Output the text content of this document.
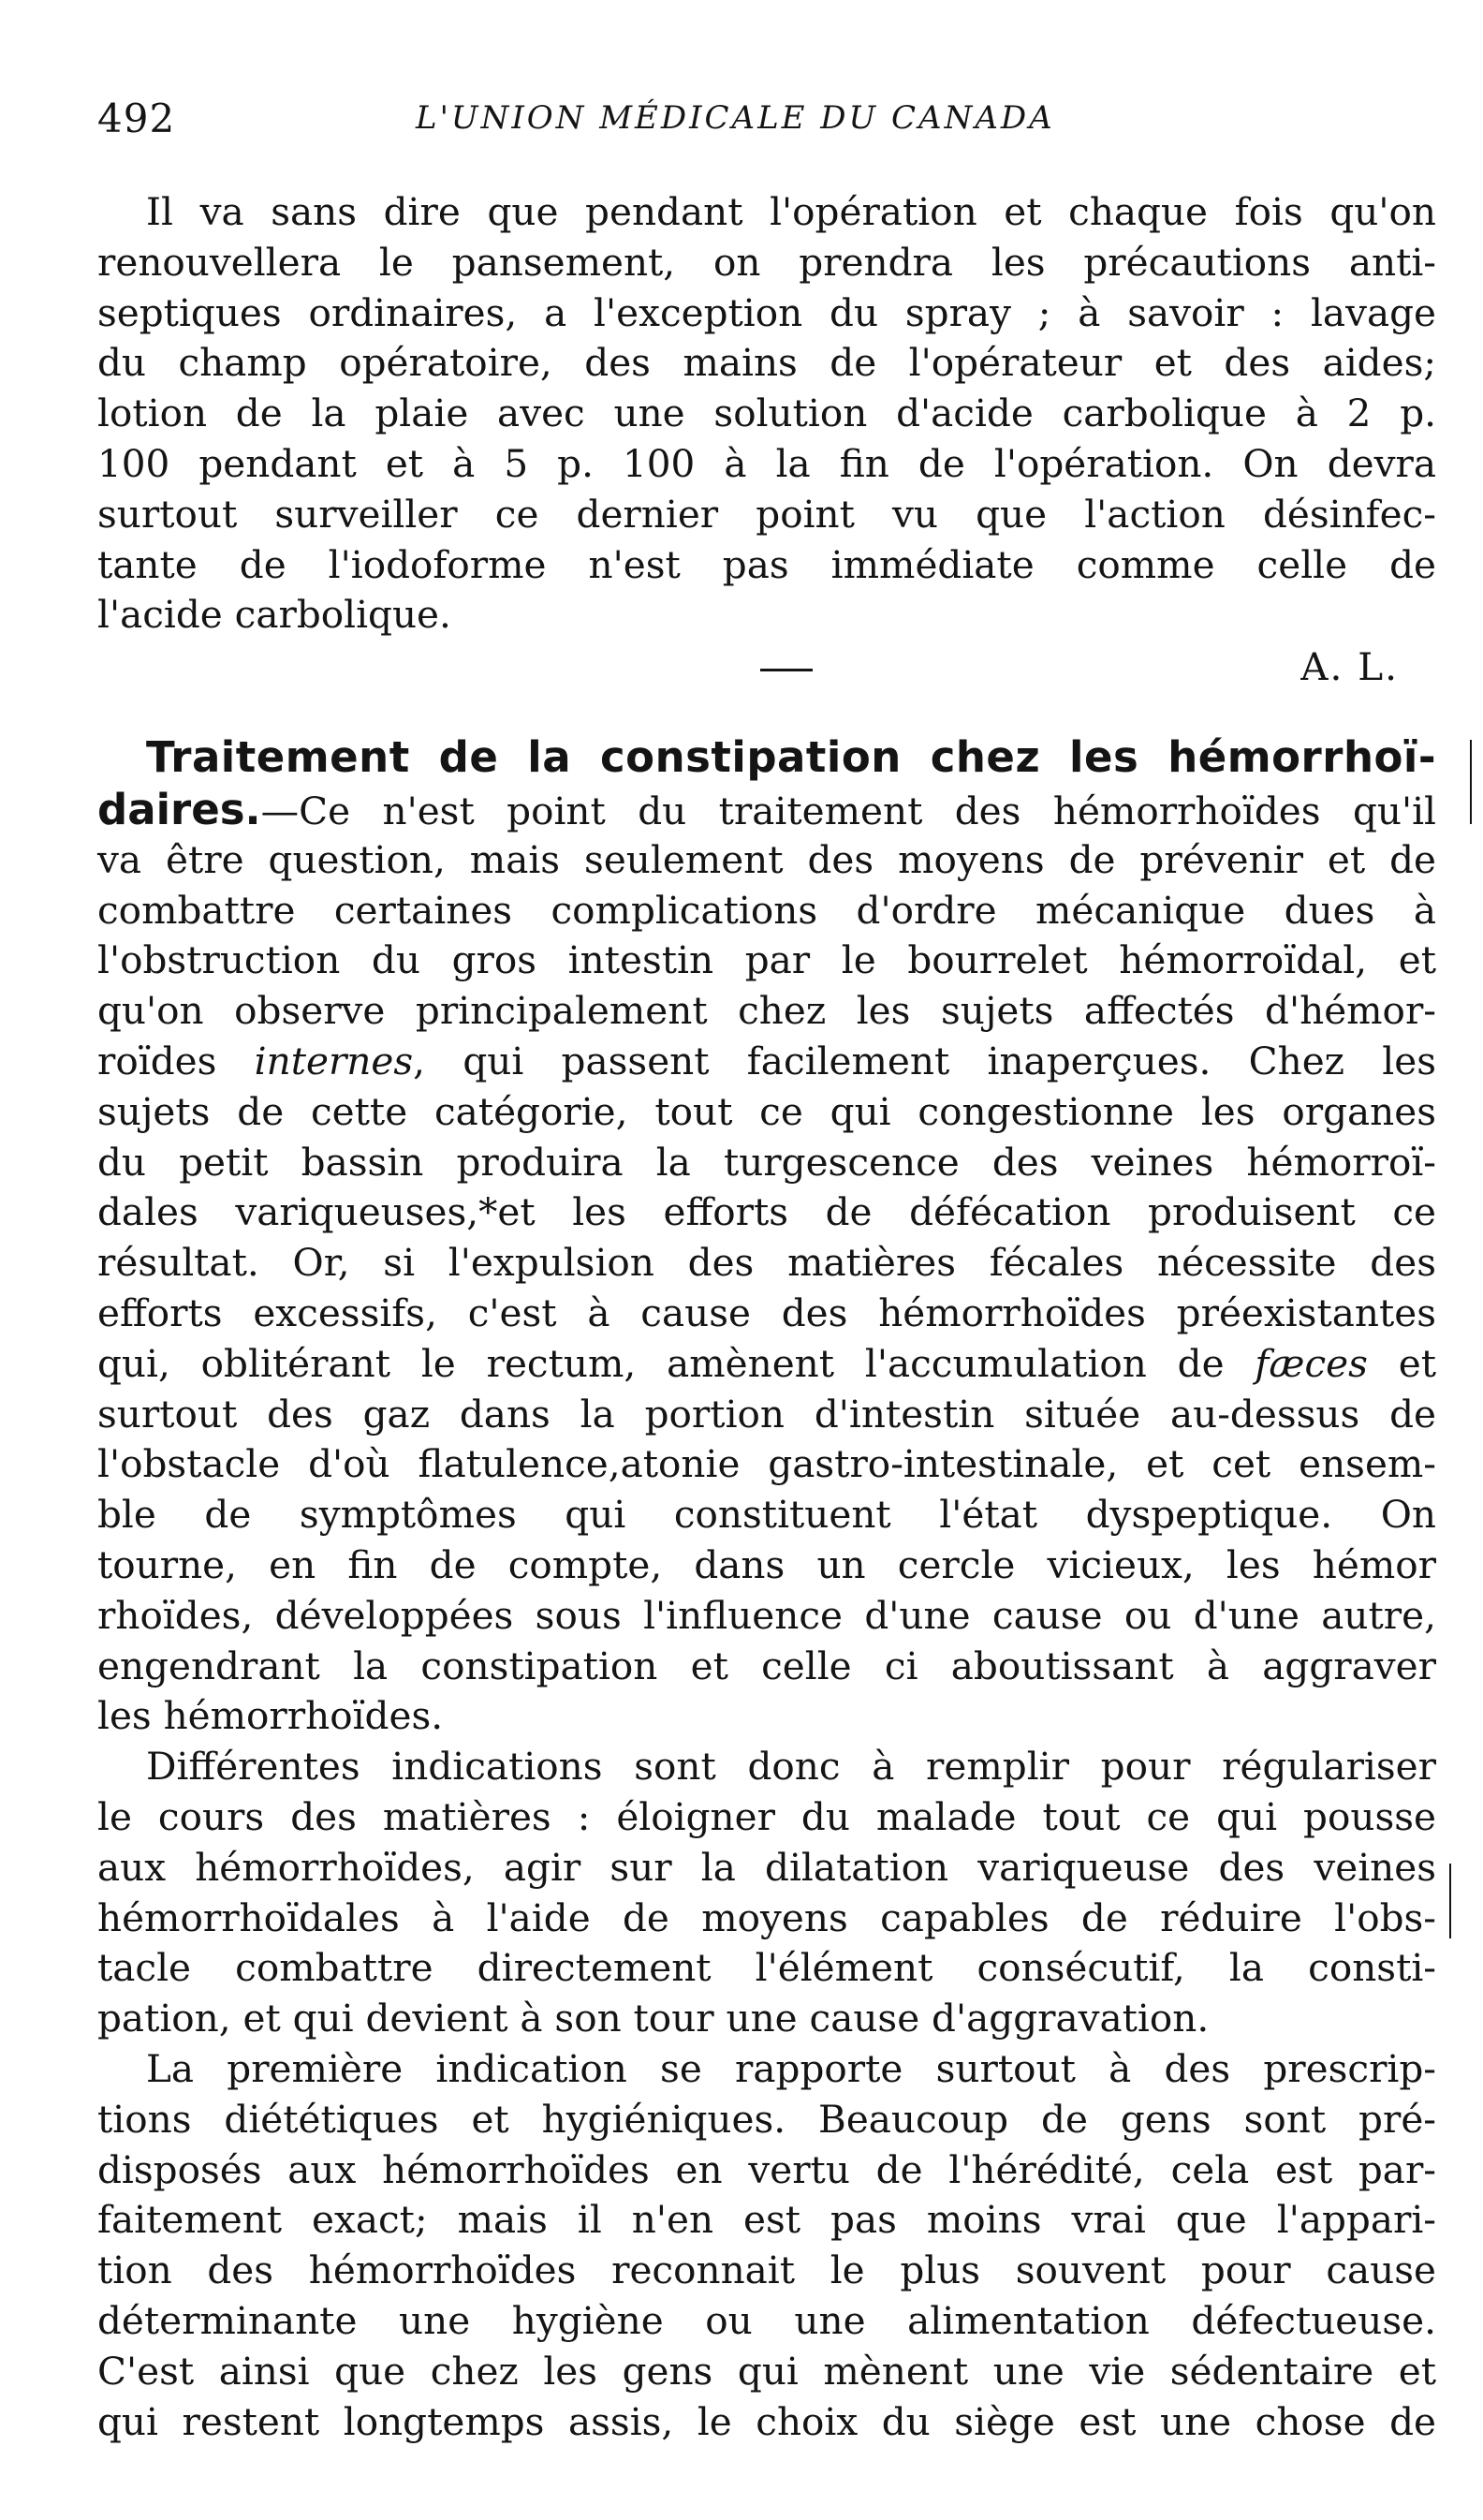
492	L'UNION MÉDICALE DU CANADA
Il va sans dire que pendant l'opération et chaque fois qu'on
renouvellera le pansement, on prendra les précautions anti-
septiques ordinaires, a l'exception du spray ; à savoir : lavage
du champ opératoire, des mains de l'opérateur et des aides;
lotion de la plaie avec une solution d'acide carbolique à 2 p.
100 pendant et à 5 p. 100 à la fin de l'opération. On devra
surtout surveiller ce dernier point vu que l'action désinfec-
tante de l'iodoforme n'est pas immédiate comme celle de
l'acide carbolique.
A. L.
Traitement de la constipation chez les hémorrhoï-
daires.—Ce n'est point du traitement des hémorrhoïdes qu'il
va être question, mais seulement des moyens de prévenir et de
combattre certaines complications d'ordre mécanique dues à
l'obstruction du gros intestin par le bourrelet hémorroïdal, et
qu'on observe principalement chez les sujets affectés d'hémor-
roïdes internes, qui passent facilement inaperçues. Chez les
sujets de cette catégorie, tout ce qui congestionne les organes
du petit bassin produira la turgescence des veines hémorroï-
dales variqueuses,*et les efforts de défécation produisent ce
résultat. Or, si l'expulsion des matières fécales nécessite des
efforts excessifs, c'est à cause des hémorrhoïdes préexistantes
qui, oblitérant le rectum, amènent l'accumulation de fæces et
surtout des gaz dans la portion d'intestin située au-dessus de
l'obstacle d'où flatulence,atonie gastro-intestinale, et cet ensem-
ble de symptômes qui constituent l'état dyspeptique. On
tourne, en fin de compte, dans un cercle vicieux, les hémor
rhoïdes, développées sous l'influence d'une cause ou d'une autre,
engendrant la constipation et celle ci aboutissant à aggraver
les hémorrhoïdes.
Différentes indications sont donc à remplir pour régulariser
le cours des matières : éloigner du malade tout ce qui pousse
aux hémorrhoïdes, agir sur la dilatation variqueuse des veines
hémorrhoïdales à l'aide de moyens capables de réduire l'obs-
tacle combattre directement l'élément consécutif, la consti-
pation, et qui devient à son tour une cause d'aggravation.
La première indication se rapporte surtout à des prescrip-
tions diététiques et hygiéniques. Beaucoup de gens sont pré-
disposés aux hémorrhoïdes en vertu de l'hérédité, cela est par-
faitement exact; mais il n'en est pas moins vrai que l'appari-
tion des hémorrhoïdes reconnait le plus souvent pour cause
déterminante une hygiène ou une alimentation défectueuse.
C'est ainsi que chez les gens qui mènent une vie sédentaire et
qui restent longtemps assis, le choix du siège est une chose de
